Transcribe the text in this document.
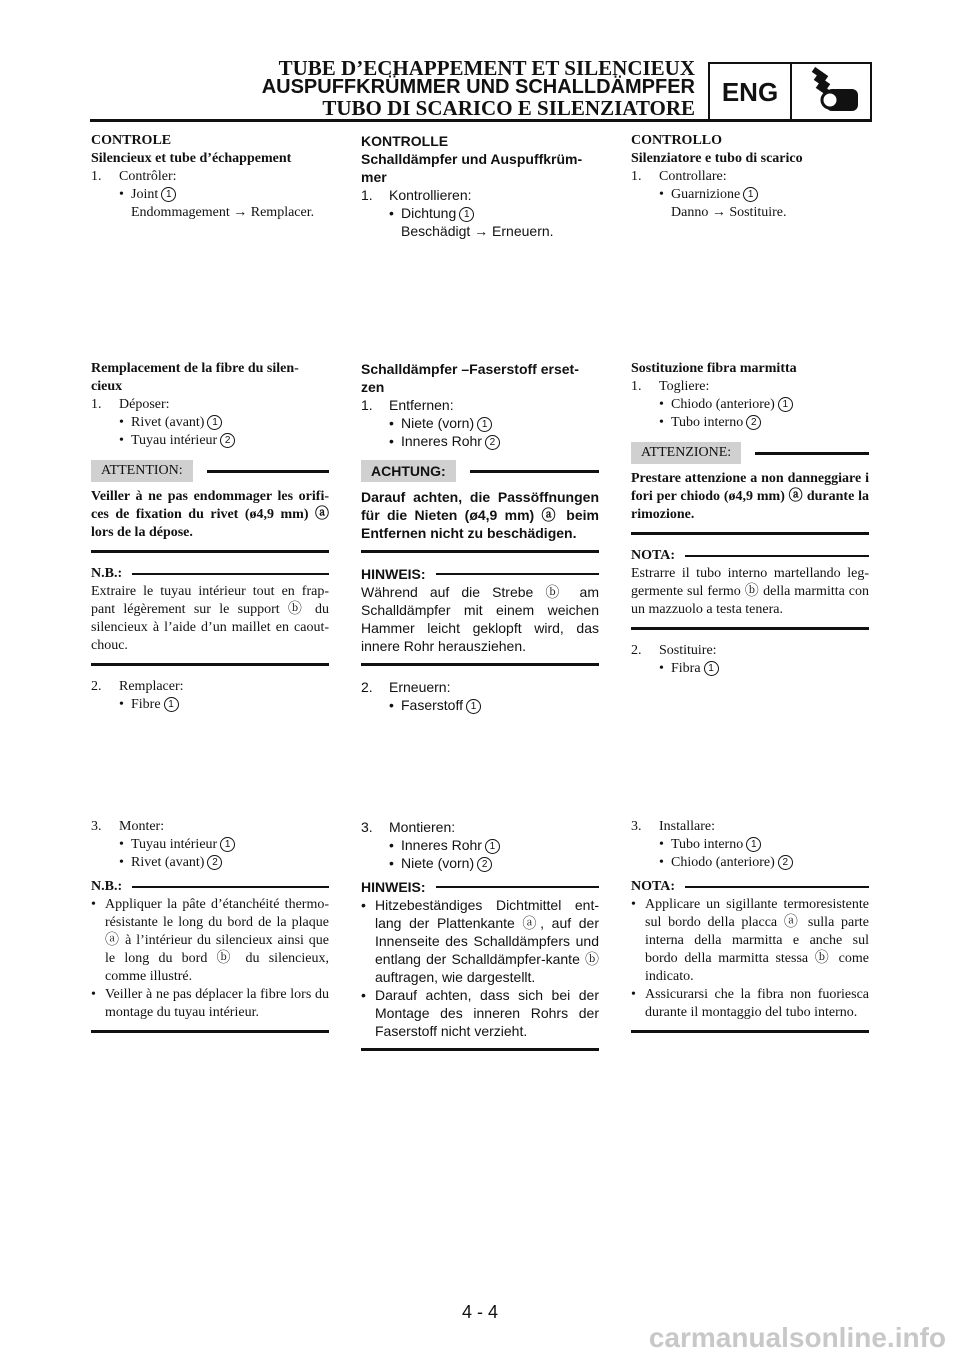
TUBE D’ECHAPPEMENT ET SILENCIEUX
AUSPUFFKRÜMMER UND SCHALLDÄMPFER
TUBO DI SCARICO E SILENZIATORE
ENG
CONTROLE
Silencieux et tube d’échappement
1.	Contrôler:
• Joint 1
Endommagement → Remplacer.
Remplacement de la fibre du silen-cieux
1.	Déposer:
• Rivet (avant) 1
• Tuyau intérieur 2
ATTENTION:
Veiller à ne pas endommager les orifi-ces de fixation du rivet (ø4,9 mm) ⓐ lors de la dépose.
N.B.:
Extraire le tuyau intérieur tout en frap-pant légèrement sur le support ⓑ du silencieux à l’aide d’un maillet en caout-chouc.
2.	Remplacer:
• Fibre 1
3.	Monter:
• Tuyau intérieur 1
• Rivet (avant) 2
N.B.:
• Appliquer la pâte d’étanchéité thermo-résistante le long du bord de la plaque ⓐ à l’intérieur du silencieux ainsi que le long du bord ⓑ du silencieux, comme illustré.
• Veiller à ne pas déplacer la fibre lors du montage du tuyau intérieur.
KONTROLLE
Schalldämpfer und Auspuffkrüm-mer
1.	Kontrollieren:
• Dichtung 1
Beschädigt → Erneuern.
Schalldämpfer –Faserstoff erset-zen
1.	Entfernen:
• Niete (vorn) 1
• Inneres Rohr 2
ACHTUNG:
Darauf achten, die Passöffnungen für die Nieten (ø4,9 mm) ⓐ beim Entfernen nicht zu beschädigen.
HINWEIS:
Während auf die Strebe ⓑ am Schalldämpfer mit einem weichen Hammer leicht geklopft wird, das innere Rohr herausziehen.
2.	Erneuern:
• Faserstoff 1
3.	Montieren:
• Inneres Rohr 1
• Niete (vorn) 2
HINWEIS:
• Hitzebeständiges Dichtmittel ent-lang der Plattenkante ⓐ, auf der Innenseite des Schalldämpfers und entlang der Schalldämpfer-kante ⓑ auftragen, wie dargestellt.
• Darauf achten, dass sich bei der Montage des inneren Rohrs der Faserstoff nicht verzieht.
CONTROLLO
Silenziatore e tubo di scarico
1.	Controllare:
• Guarnizione 1
Danno → Sostituire.
Sostituzione fibra marmitta
1.	Togliere:
• Chiodo (anteriore) 1
• Tubo interno 2
ATTENZIONE:
Prestare attenzione a non danneggiare i fori per chiodo (ø4,9 mm) ⓐ durante la rimozione.
NOTA:
Estrarre il tubo interno martellando leg-germente sul fermo ⓑ della marmitta con un mazzuolo a testa tenera.
2.	Sostituire:
• Fibra 1
3.	Installare:
• Tubo interno 1
• Chiodo (anteriore) 2
NOTA:
• Applicare un sigillante termoresistente sul bordo della placca ⓐ sulla parte interna della marmitta e anche sul bordo della marmitta stessa ⓑ come indicato.
• Assicurarsi che la fibra non fuoriesca durante il montaggio del tubo interno.
4 - 4
carmanualsonline.info
